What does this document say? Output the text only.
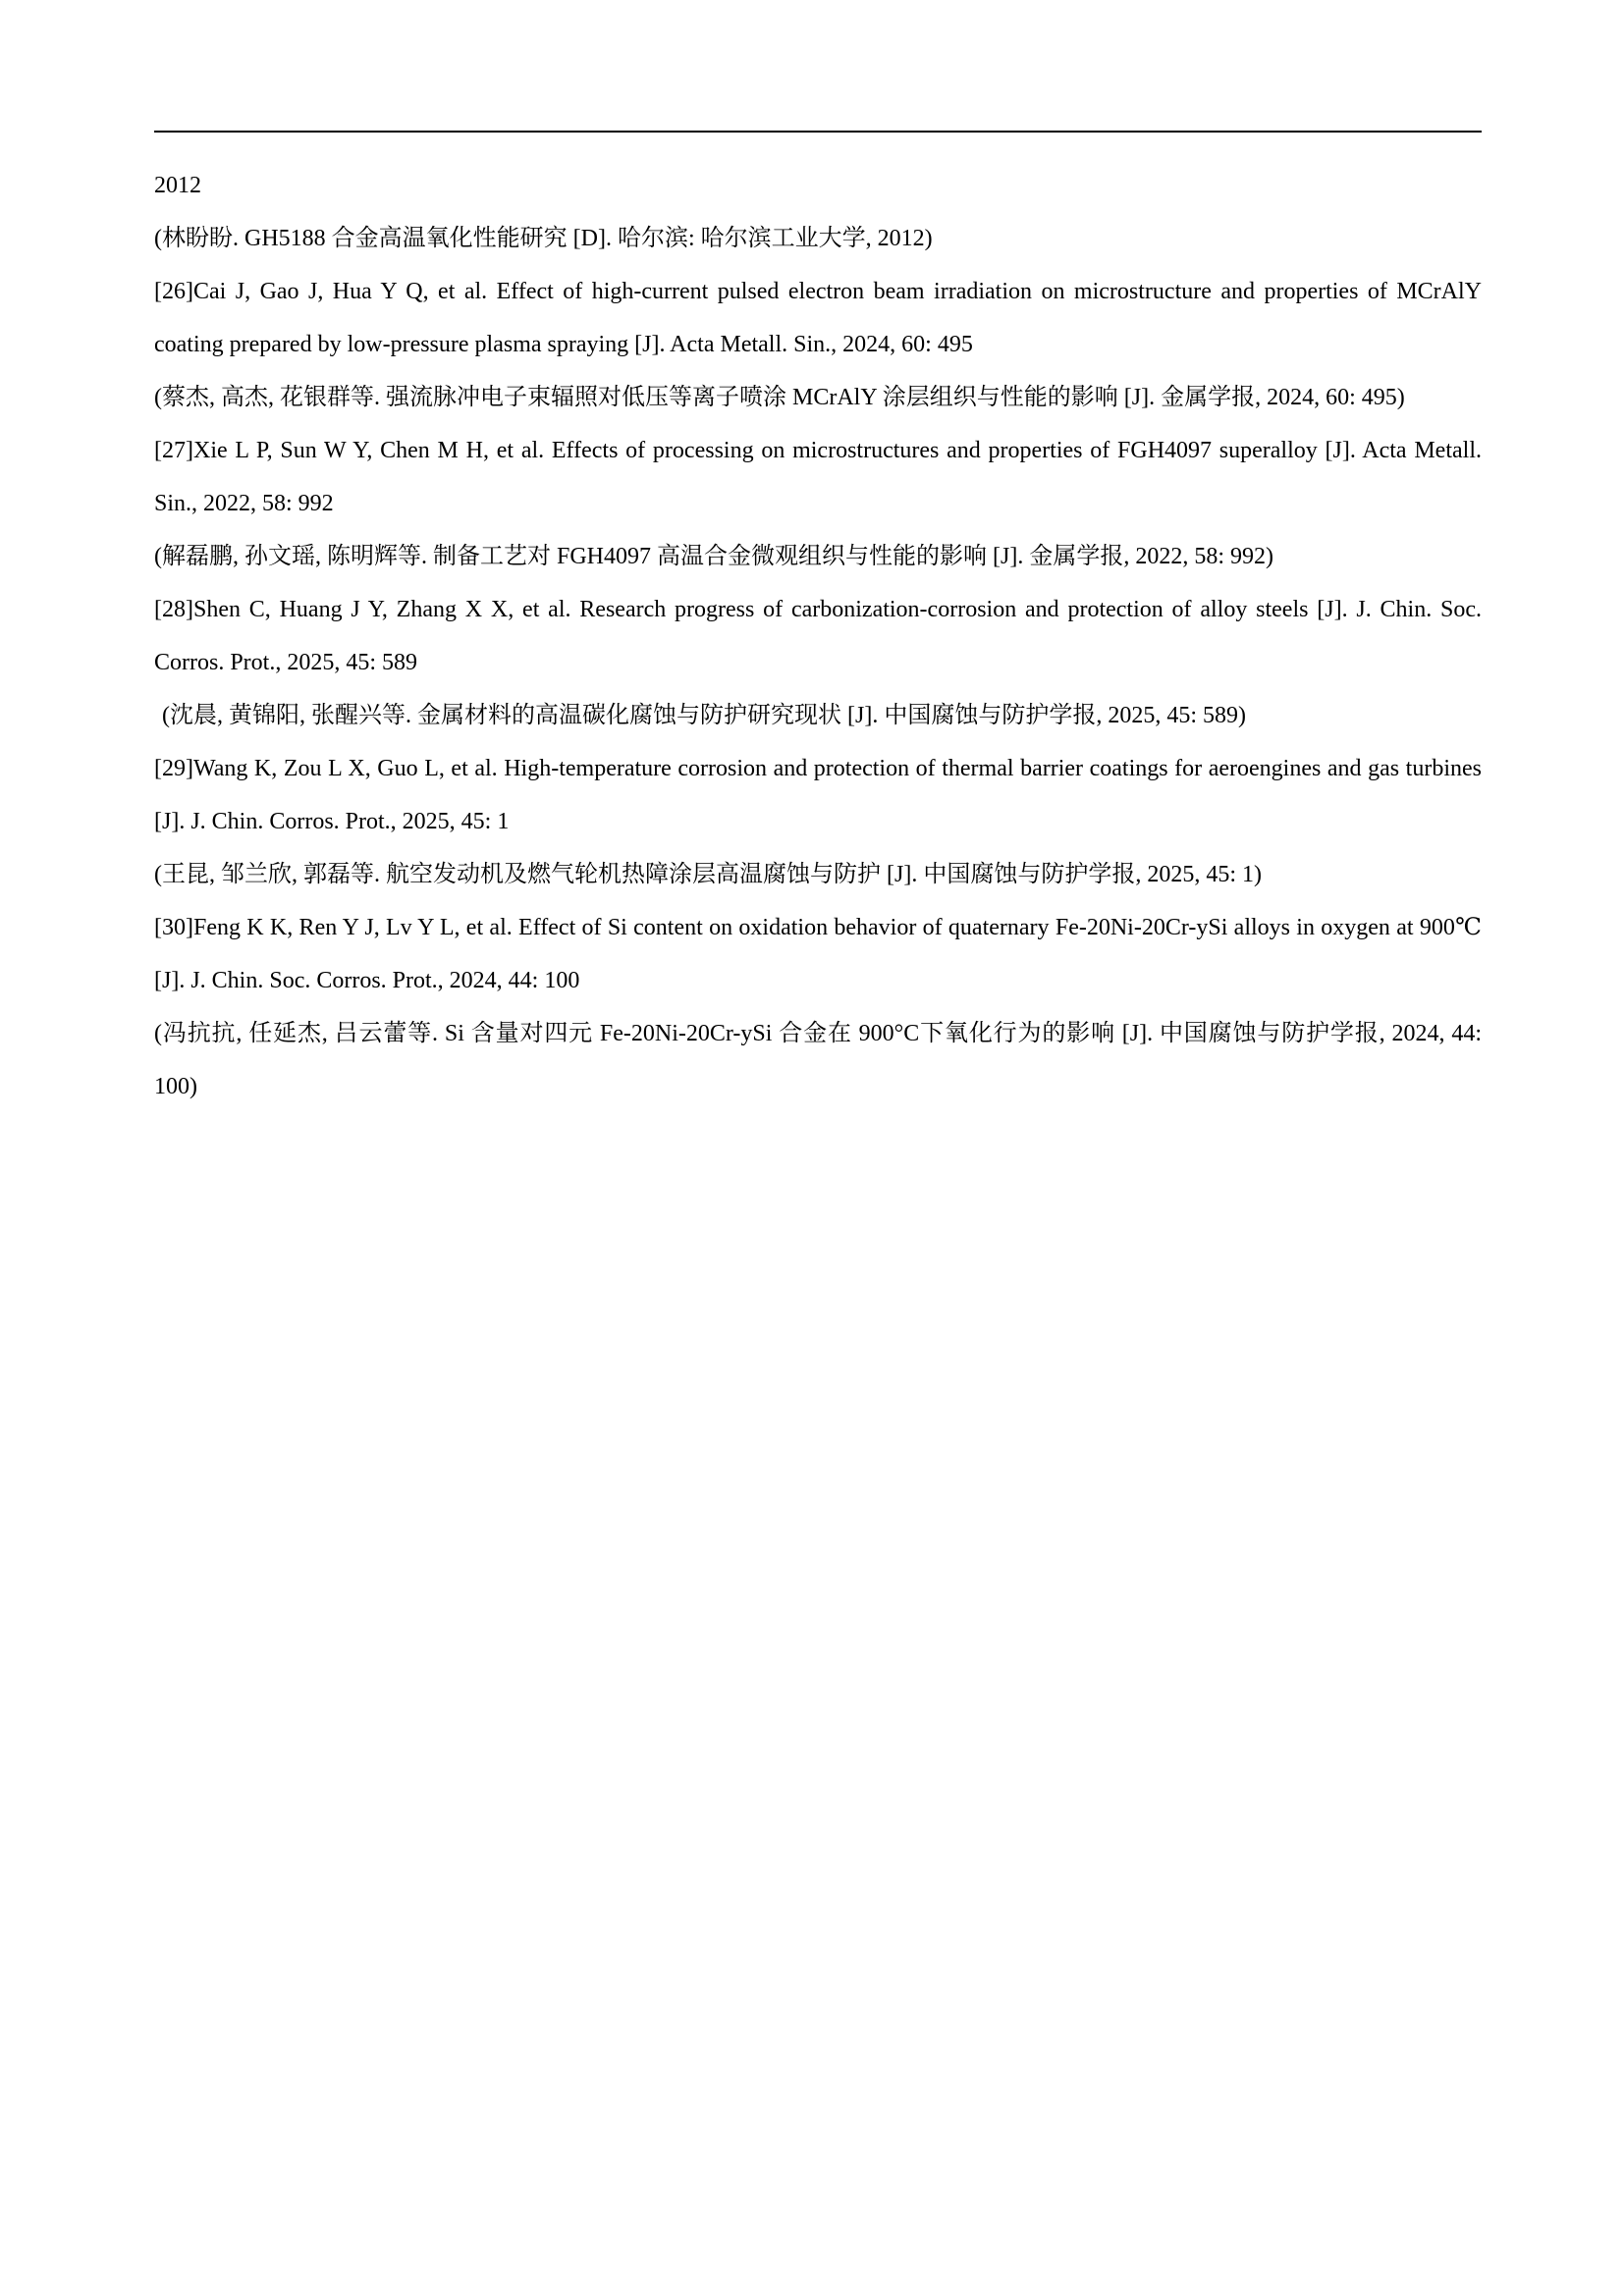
2012

(林盼盼. GH5188 合金高温氧化性能研究 [D]. 哈尔滨: 哈尔滨工业大学, 2012)

[26]Cai J, Gao J, Hua Y Q, et al. Effect of high-current pulsed electron beam irradiation on microstructure and properties of MCrAlY coating prepared by low-pressure plasma spraying [J]. Acta Metall. Sin., 2024, 60: 495

(蔡杰, 高杰, 花银群等. 强流脉冲电子束辐照对低压等离子喷涂 MCrAlY 涂层组织与性能的影响 [J]. 金属学报, 2024, 60: 495)

[27]Xie L P, Sun W Y, Chen M H, et al. Effects of processing on microstructures and properties of FGH4097 superalloy [J]. Acta Metall. Sin., 2022, 58: 992

(解磊鹏, 孙文瑶, 陈明辉等. 制备工艺对 FGH4097 高温合金微观组织与性能的影响 [J]. 金属学报, 2022, 58: 992)

[28]Shen C, Huang J Y, Zhang X X, et al. Research progress of carbonization-corrosion and protection of alloy steels [J]. J. Chin. Soc. Corros. Prot., 2025, 45: 589

(沈晨, 黄锦阳, 张醒兴等. 金属材料的高温碳化腐蚀与防护研究现状 [J]. 中国腐蚀与防护学报, 2025, 45: 589)

[29]Wang K, Zou L X, Guo L, et al. High-temperature corrosion and protection of thermal barrier coatings for aeroengines and gas turbines [J]. J. Chin. Corros. Prot., 2025, 45: 1

(王昆, 邹兰欣, 郭磊等. 航空发动机及燃气轮机热障涂层高温腐蚀与防护 [J]. 中国腐蚀与防护学报, 2025, 45: 1)

[30]Feng K K, Ren Y J, Lv Y L, et al. Effect of Si content on oxidation behavior of quaternary Fe-20Ni-20Cr-ySi alloys in oxygen at 900℃ [J]. J. Chin. Soc. Corros. Prot., 2024, 44: 100

(冯抗抗, 任延杰, 吕云蕾等. Si 含量对四元 Fe-20Ni-20Cr-ySi 合金在 900°C下氧化行为的影响 [J]. 中国腐蚀与防护学报, 2024, 44: 100)
